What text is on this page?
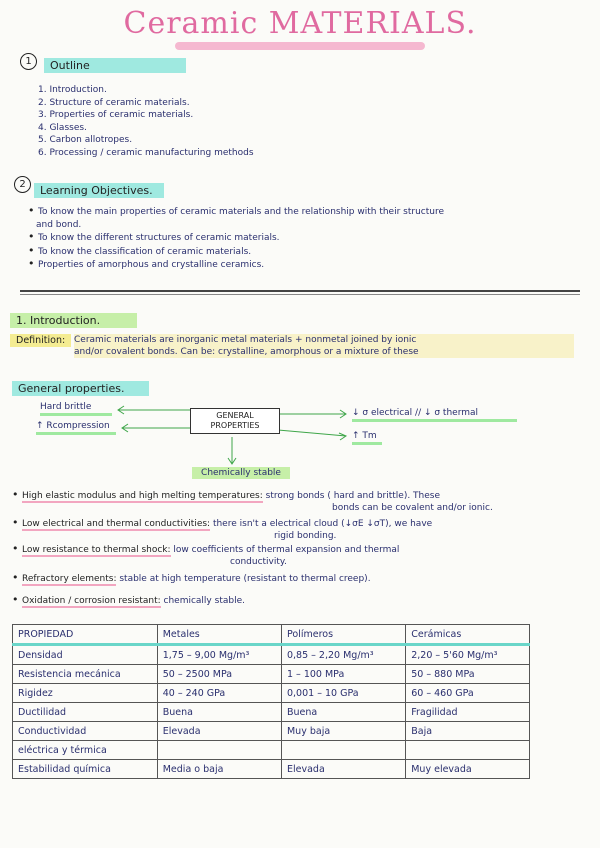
Ceramic MATERIALS.
1	Outline
1. Introduction.
2. Structure of ceramic materials.
3. Properties of ceramic materials.
4. Glasses.
5. Carbon allotropes.
6. Processing / ceramic manufacturing methods
2	Learning Objectives.
• To know the main properties of ceramic materials and the relationship with their structure
and bond.
• To know the different structures of ceramic materials.
• To know the classification of ceramic materials.
• Properties of amorphous and crystalline ceramics.
1. Introduction.
Definition: Ceramic materials are inorganic metal materials + nonmetal joined by ionic
and/or covalent bonds. Can be: crystalline, amorphous or a mixture of these
General properties.
Hard brittle
↑ Rcompression
GENERAL
PROPERTIES
↓ σ electrical // ↓ σ thermal
↑ Tm
Chemically stable
• High elastic modulus and high melting temperatures: strong bonds ( hard and brittle). These
bonds can be covalent and/or ionic.
• Low electrical and thermal conductivities: there isn't a electrical cloud (↓σE ↓σT), we have
rigid bonding.
• Low resistance to thermal shock: low coefficients of thermal expansion and thermal
conductivity.
• Refractory elements: stable at high temperature (resistant to thermal creep).
• Oxidation / corrosion resistant: chemically stable.
PROPIEDAD	Metales	Polímeros	Cerámicas
Densidad	1,75 – 9,00 Mg/m³	0,85 – 2,20 Mg/m³	2,20 – 5'60 Mg/m³
Resistencia mecánica	50 – 2500 MPa	1 – 100 MPa	50 – 880 MPa
Rigidez	40 – 240 GPa	0,001 – 10 GPa	60 – 460 GPa
Ductilidad	Buena	Buena	Fragilidad
Conductividad	Elevada	Muy baja	Baja
eléctrica y térmica			
Estabilidad química	Media o baja	Elevada	Muy elevada
